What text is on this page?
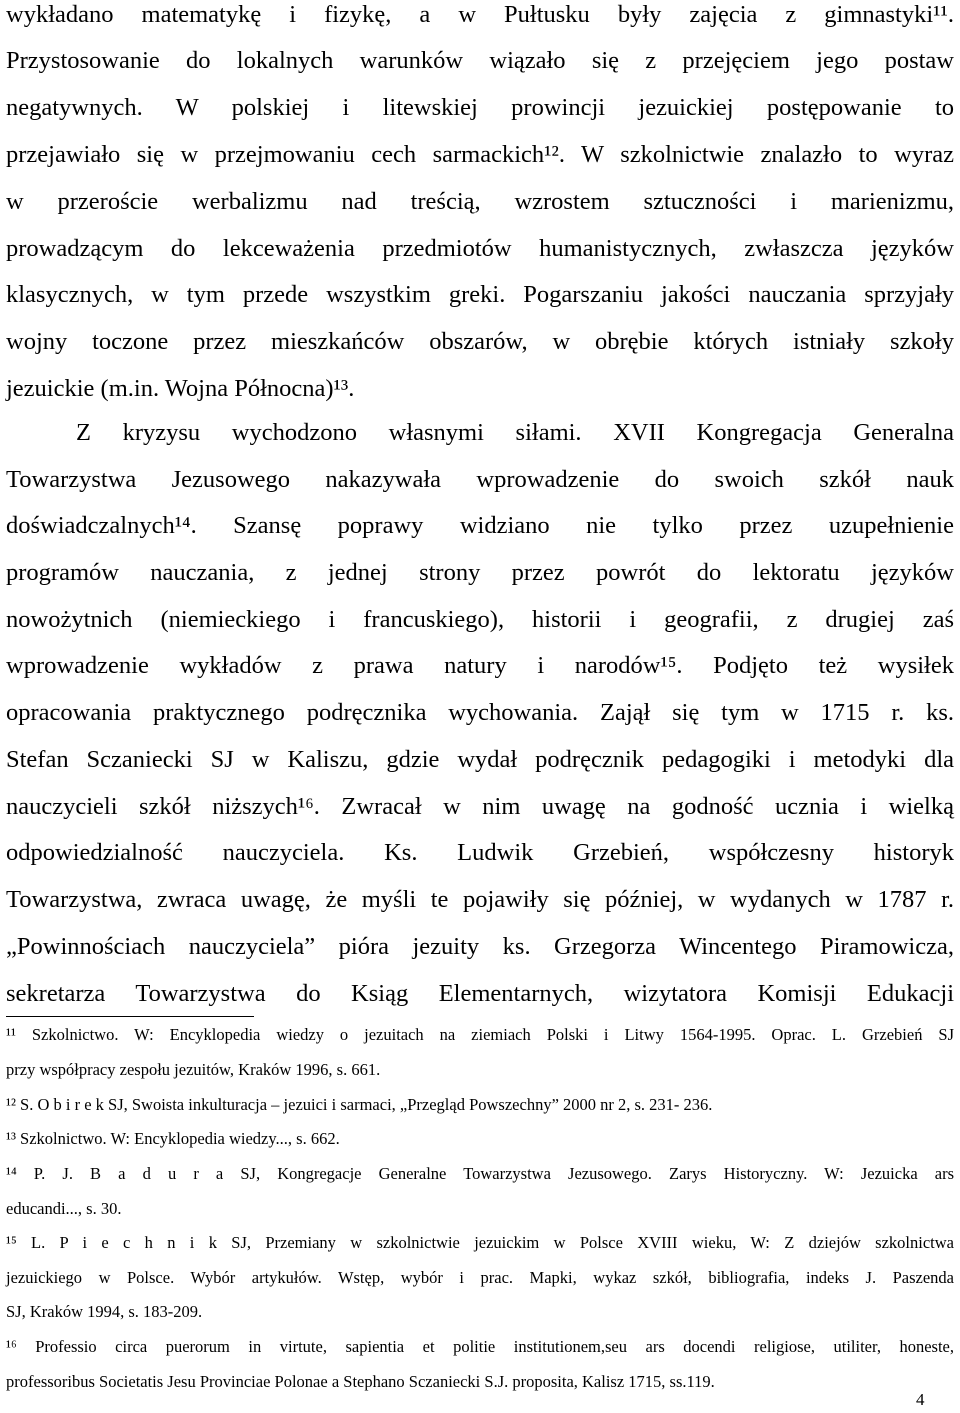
wykładano matematykę i fizykę, a w Pułtusku były zajęcia z gimnastyki¹¹.
Przystosowanie do lokalnych warunków wiązało się z przejęciem jego postaw
negatywnych. W polskiej i litewskiej prowincji jezuickiej postępowanie to
przejawiało się w przejmowaniu cech sarmackich¹². W szkolnictwie znalazło to wyraz
w przeroście werbalizmu nad treścią, wzrostem sztuczności i marienizmu,
prowadzącym do lekceważenia przedmiotów humanistycznych, zwłaszcza języków
klasycznych, w tym przede wszystkim greki. Pogarszaniu jakości nauczania sprzyjały
wojny toczone przez mieszkańców obszarów, w obrębie których istniały szkoły
jezuickie (m.in. Wojna Północna)¹³.
Z kryzysu wychodzono własnymi siłami. XVII Kongregacja Generalna
Towarzystwa Jezusowego nakazywała wprowadzenie do swoich szkół nauk
doświadczalnych¹⁴. Szansę poprawy widziano nie tylko przez uzupełnienie
programów nauczania, z jednej strony przez powrót do lektoratu języków
nowożytnich (niemieckiego i francuskiego), historii i geografii, z drugiej zaś
wprowadzenie wykładów z prawa natury i narodów¹⁵. Podjęto też wysiłek
opracowania praktycznego podręcznika wychowania. Zajął się tym w 1715 r. ks.
Stefan Sczaniecki SJ w Kaliszu, gdzie wydał podręcznik pedagogiki i metodyki dla
nauczycieli szkół niższych¹⁶. Zwracał w nim uwagę na godność ucznia i wielką
odpowiedzialność nauczyciela. Ks. Ludwik Grzebień, współczesny historyk
Towarzystwa, zwraca uwagę, że myśli te pojawiły się później, w wydanych w 1787 r.
„Powinnościach nauczyciela” pióra jezuity ks. Grzegorza Wincentego Piramowicza,
sekretarza Towarzystwa do Ksiąg Elementarnych, wizytatora Komisji Edukacji
¹¹ Szkolnictwo. W: Encyklopedia wiedzy o jezuitach na ziemiach Polski i Litwy 1564-1995. Oprac. L. Grzebień SJ
przy współpracy zespołu jezuitów, Kraków 1996, s. 661.
¹² S. O b i r e k SJ, Swoista inkulturacja – jezuici i sarmaci, „Przegląd Powszechny” 2000 nr 2, s. 231- 236.
¹³ Szkolnictwo. W: Encyklopedia wiedzy..., s. 662.
¹⁴ P. J. B a d u r a SJ, Kongregacje Generalne Towarzystwa Jezusowego. Zarys Historyczny. W: Jezuicka ars
educandi..., s. 30.
¹⁵ L. P i e c h n i k SJ, Przemiany w szkolnictwie jezuickim w Polsce XVIII wieku, W: Z dziejów szkolnictwa
jezuickiego w Polsce. Wybór artykułów. Wstęp, wybór i prac. Mapki, wykaz szkół, bibliografia, indeks J. Paszenda
SJ, Kraków 1994, s. 183-209.
¹⁶ Professio circa puerorum in virtute, sapientia et politie institutionem,seu ars docendi religiose, utiliter, honeste,
professoribus Societatis Jesu Provinciae Polonae a Stephano Sczaniecki S.J. proposita, Kalisz 1715, ss.119.
4
